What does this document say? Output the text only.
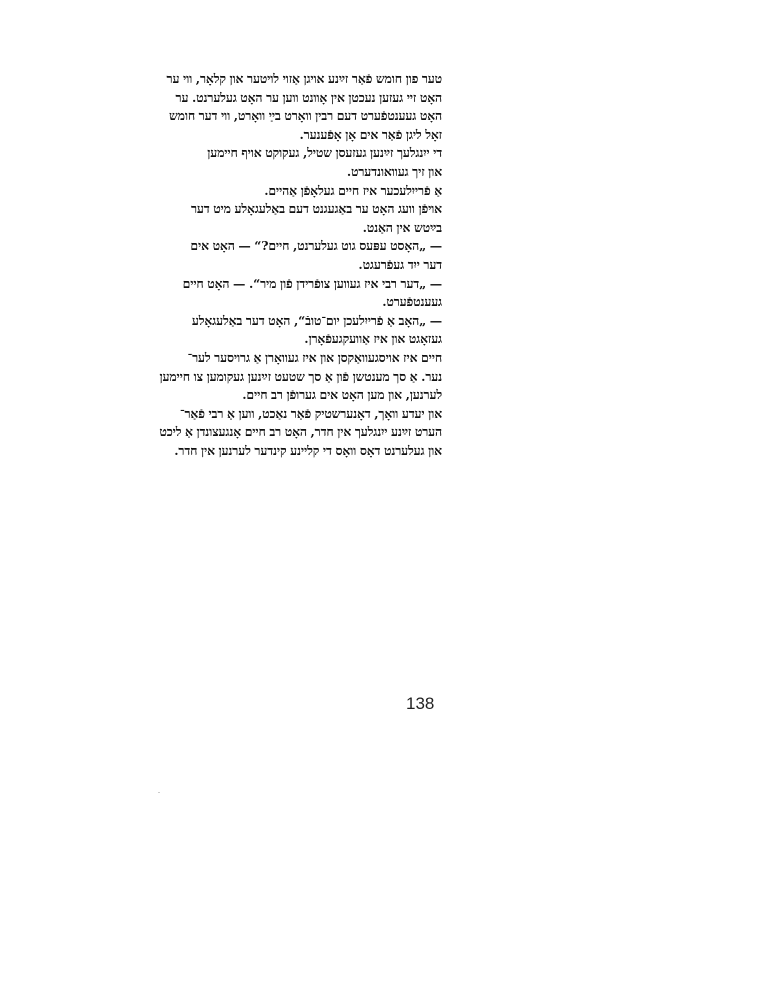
טער פון חומש פֿאַר זײַנע אויגן אַזוי לויטער און קלאָר, ווי ער
האָט זיי געזען נעכטן אין אָוונט ווען ער האָט געלערנט. ער
האָט געענטפֿערט דעם רבין וואָרט בײַ וואָרט, ווי דער חומש
זאָל ליגן פֿאַר אים אָן אָפֿענער.
די ייִנגלעך זײַנען געזעסן שטיל, געקוקט אויף חיימען
און זיך געוואונדערט.
אַ פֿרייִלעכער איז חיים געלאָפֿן אַהיים.
אויפֿן וועג האָט ער באַגעגנט דעם באַלעגאָלע מיט דער
בײַטש אין האַנט.
— „האָסט עפּעס גוט געלערנט, חיים?“ — האָט אים
דער ייִד געפֿרעגט.
— „דער רבי איז געווען צופֿרידן פֿון מיר“. — האָט חיים
געענטפֿערט.
— „האָב אַ פֿרייִלעכן יום־טובֿ“, האָט דער באַלעגאָלע
געזאָגט און איז אַוועקגעפֿאָרן.
חיים איז אויסגעוואַקסן און איז געוואָרן אַ גרויסער לער־
נער. אַ סך מענטשן פֿון אַ סך שטעט זײַנען געקומען צו חיימען
לערנען, און מען האָט אים גערופֿן רב חיים.
און יעדע וואָך, דאָנערשטיק פֿאַר נאַכט, ווען אַ רבי פֿאַר־
הערט זײַנע ייִנגלעך אין חדר, האָט רב חיים אָנגעצונדן אַ ליכט
און געלערנט דאָס וואָס די קליינע קינדער לערנען אין חדר.
138
